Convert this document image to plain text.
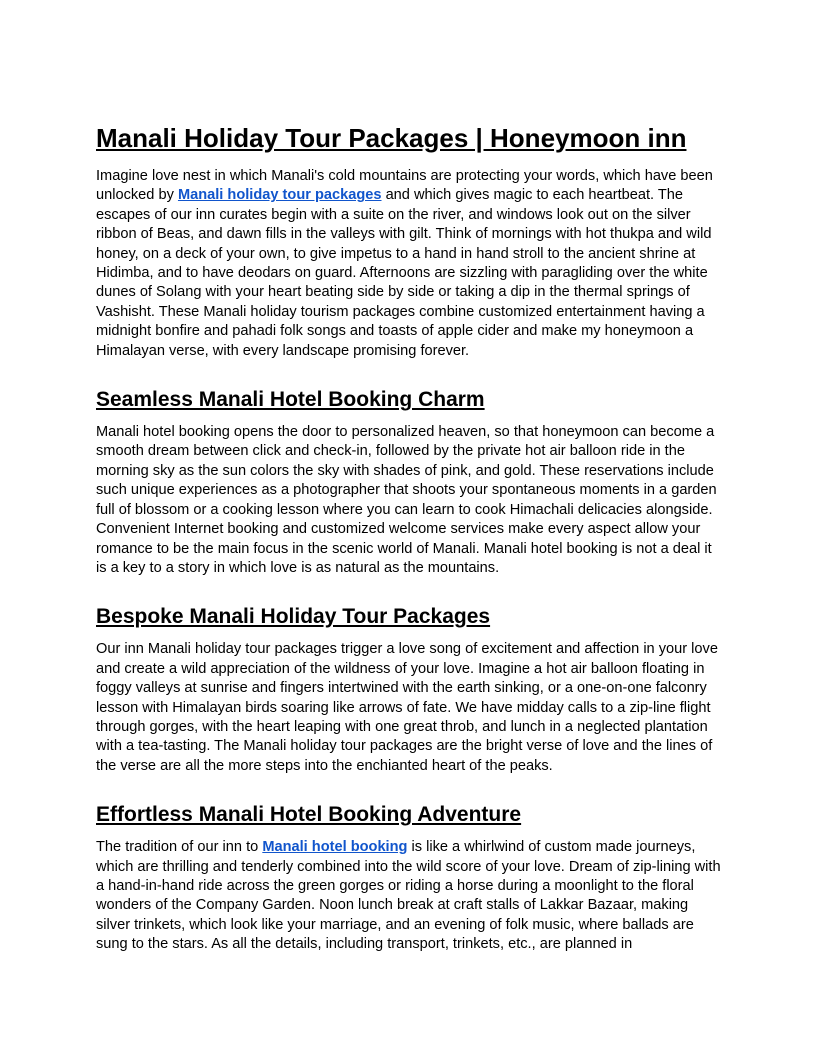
Manali Holiday Tour Packages | Honeymoon inn

Imagine love nest in which Manali's cold mountains are protecting your words, which have been unlocked by Manali holiday tour packages and which gives magic to each heartbeat. The escapes of our inn curates begin with a suite on the river, and windows look out on the silver ribbon of Beas, and dawn fills in the valleys with gilt. Think of mornings with hot thukpa and wild honey, on a deck of your own, to give impetus to a hand in hand stroll to the ancient shrine at Hidimba, and to have deodars on guard. Afternoons are sizzling with paragliding over the white dunes of Solang with your heart beating side by side or taking a dip in the thermal springs of Vashisht. These Manali holiday tourism packages combine customized entertainment having a midnight bonfire and pahadi folk songs and toasts of apple cider and make my honeymoon a Himalayan verse, with every landscape promising forever.

Seamless Manali Hotel Booking Charm

Manali hotel booking opens the door to personalized heaven, so that honeymoon can become a smooth dream between click and check-in, followed by the private hot air balloon ride in the morning sky as the sun colors the sky with shades of pink, and gold. These reservations include such unique experiences as a photographer that shoots your spontaneous moments in a garden full of blossom or a cooking lesson where you can learn to cook Himachali delicacies alongside. Convenient Internet booking and customized welcome services make every aspect allow your romance to be the main focus in the scenic world of Manali. Manali hotel booking is not a deal it is a key to a story in which love is as natural as the mountains.

Bespoke Manali Holiday Tour Packages

Our inn Manali holiday tour packages trigger a love song of excitement and affection in your love and create a wild appreciation of the wildness of your love. Imagine a hot air balloon floating in foggy valleys at sunrise and fingers intertwined with the earth sinking, or a one-on-one falconry lesson with Himalayan birds soaring like arrows of fate. We have midday calls to a zip-line flight through gorges, with the heart leaping with one great throb, and lunch in a neglected plantation with a tea-tasting. The Manali holiday tour packages are the bright verse of love and the lines of the verse are all the more steps into the enchianted heart of the peaks.

Effortless Manali Hotel Booking Adventure

The tradition of our inn to Manali hotel booking is like a whirlwind of custom made journeys, which are thrilling and tenderly combined into the wild score of your love. Dream of zip-lining with a hand-in-hand ride across the green gorges or riding a horse during a moonlight to the floral wonders of the Company Garden. Noon lunch break at craft stalls of Lakkar Bazaar, making silver trinkets, which look like your marriage, and an evening of folk music, where ballads are sung to the stars. As all the details, including transport, trinkets, etc., are planned in
